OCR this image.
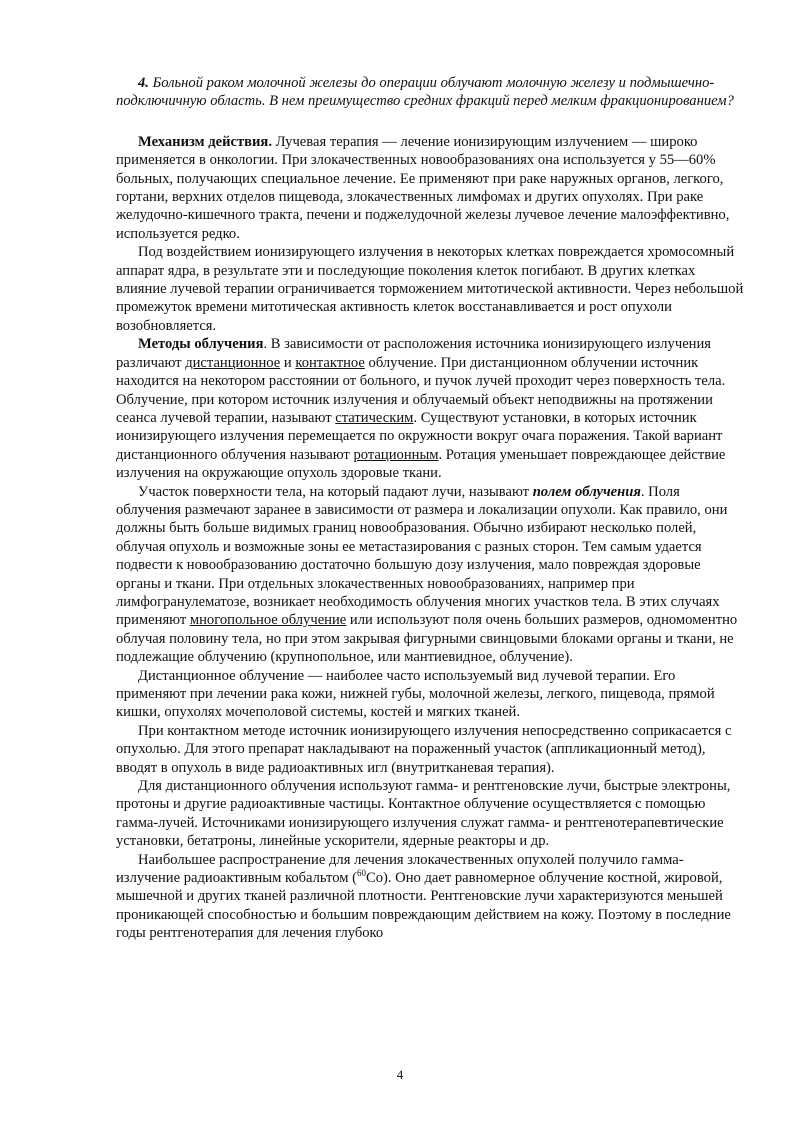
4. Больной раком молочной железы до операции облучают молочную железу и подмышечно-подключичную область. В нем преимущество средних фракций перед мелким фракционированием?

Механизм действия. Лучевая терапия — лечение ионизирующим излучением — широко применяется в онкологии. При злокачественных новообразованиях она используется у 55—60% больных, получающих специальное лечение. Ее применяют при раке наружных органов, легкого, гортани, верхних отделов пищевода, злокачественных лимфомах и других опухолях. При раке желудочно-кишечного тракта, печени и поджелудочной железы лучевое лечение малоэффективно, используется редко.

Под воздействием ионизирующего излучения в некоторых клетках повреждается хромосомный аппарат ядра, в результате эти и последующие поколения клеток погибают. В других клетках влияние лучевой терапии ограничивается торможением митотической активности. Через небольшой промежуток времени митотическая активность клеток восстанавливается и рост опухоли возобновляется.

Методы облучения. В зависимости от расположения источника ионизирующего излучения различают дистанционное и контактное облучение. При дистанционном облучении источник находится на некотором расстоянии от больного, и пучок лучей проходит через поверхность тела. Облучение, при котором источник излучения и облучаемый объект неподвижны на протяжении сеанса лучевой терапии, называют статическим. Существуют установки, в которых источник ионизирующего излучения перемещается по окружности вокруг очага поражения. Такой вариант дистанционного облучения называют ротационным. Ротация уменьшает повреждающее действие излучения на окружающие опухоль здоровые ткани.

Участок поверхности тела, на который падают лучи, называют полем облучения. Поля облучения размечают заранее в зависимости от размера и локализации опухоли. Как правило, они должны быть больше видимых границ новообразования. Обычно избирают несколько полей, облучая опухоль и возможные зоны ее метастазирования с разных сторон. Тем самым удается подвести к новообразованию достаточно большую дозу излучения, мало повреждая здоровые органы и ткани. При отдельных злокачественных новообразованиях, например при лимфогранулематозе, возникает необходимость облучения многих участков тела. В этих случаях применяют многопольное облучение или используют поля очень больших размеров, одномоментно облучая половину тела, но при этом закрывая фигурными свинцовыми блоками органы и ткани, не подлежащие облучению (крупнопольное, или мантиевидное, облучение).

Дистанционное облучение — наиболее часто используемый вид лучевой терапии. Его применяют при лечении рака кожи, нижней губы, молочной железы, легкого, пищевода, прямой кишки, опухолях мочеполовой системы, костей и мягких тканей.

При контактном методе источник ионизирующего излучения непосредственно соприкасается с опухолью. Для этого препарат накладывают на пораженный участок (аппликационный метод), вводят в опухоль в виде радиоактивных игл (внутритканевая терапия).

Для дистанционного облучения используют гамма- и рентгеновские лучи, быстрые электроны, протоны и другие радиоактивные частицы. Контактное облучение осуществляется с помощью гамма-лучей. Источниками ионизирующего излучения служат гамма- и рентгенотерапевтические установки, бетатроны, линейные ускорители, ядерные реакторы и др.

Наибольшее распространение для лечения злокачественных опухолей получило гамма-излучение радиоактивным кобальтом ($^{60}$Co). Оно дает равномерное облучение костной, жировой, мышечной и других тканей различной плотности. Рентгеновские лучи характеризуются меньшей проникающей способностью и большим повреждающим действием на кожу. Поэтому в последние годы рентгенотерапия для лечения глубоко

4
